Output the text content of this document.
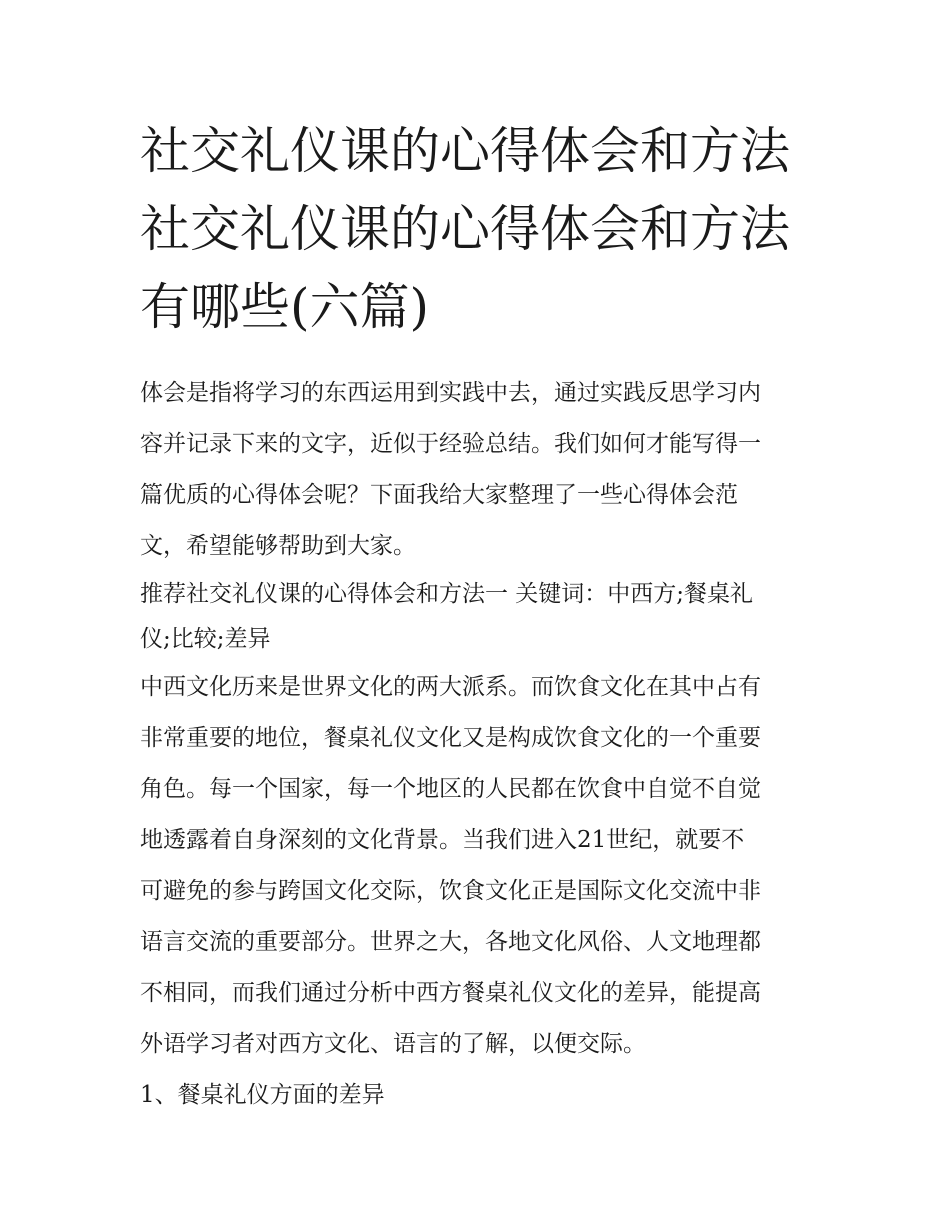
社交礼仪课的心得体会和方法
社交礼仪课的心得体会和方法
有哪些(六篇)
体会是指将学习的东西运用到实践中去，通过实践反思学习内
容并记录下来的文字，近似于经验总结。我们如何才能写得一
篇优质的心得体会呢？下面我给大家整理了一些心得体会范
文，希望能够帮助到大家。
推荐社交礼仪课的心得体会和方法一 关键词：中西方;餐桌礼
仪;比较;差异
中西文化历来是世界文化的两大派系。而饮食文化在其中占有
非常重要的地位，餐桌礼仪文化又是构成饮食文化的一个重要
角色。每一个国家，每一个地区的人民都在饮食中自觉不自觉
地透露着自身深刻的文化背景。当我们进入21世纪，就要不
可避免的参与跨国文化交际，饮食文化正是国际文化交流中非
语言交流的重要部分。世界之大，各地文化风俗、人文地理都
不相同，而我们通过分析中西方餐桌礼仪文化的差异，能提高
外语学习者对西方文化、语言的了解，以便交际。
1、餐桌礼仪方面的差异
